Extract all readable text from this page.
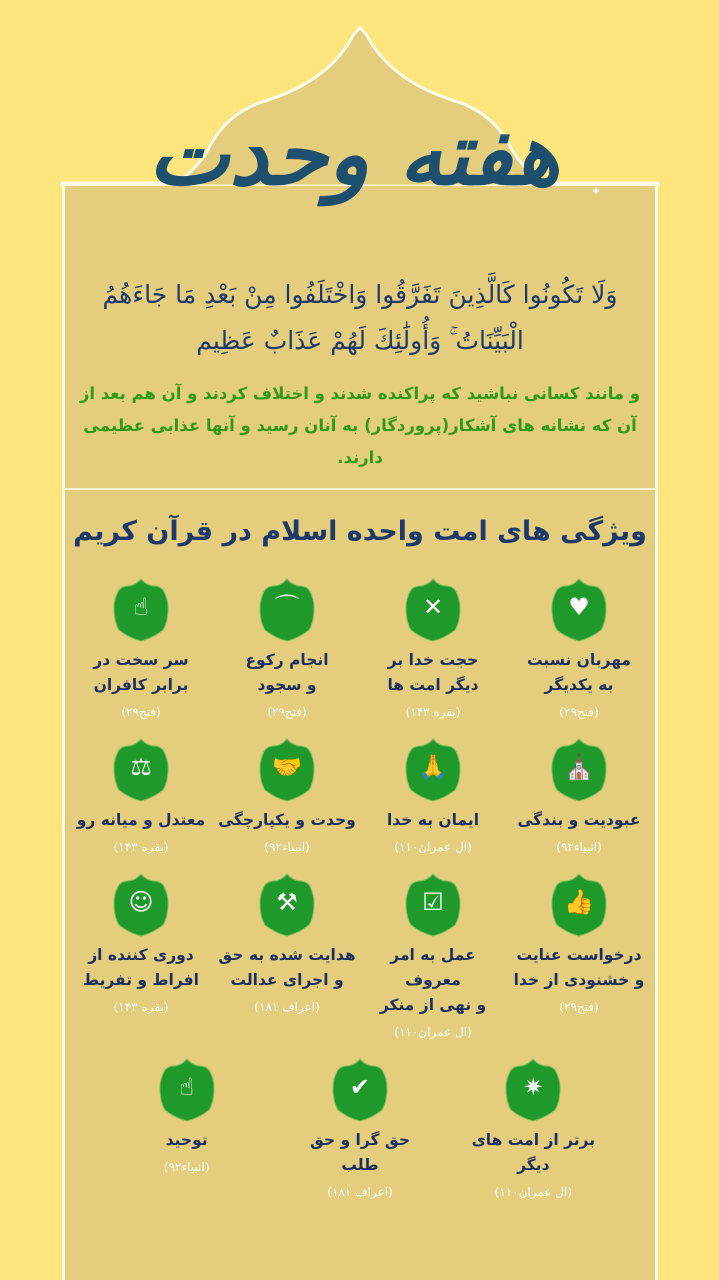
هفته وحدت	◈
وَلَا تَكُونُوا كَالَّذِينَ تَفَرَّقُوا وَاخْتَلَفُوا مِنْ بَعْدِ مَا جَاءَهُمُ
الْبَيِّنَاتُ ۚ وَأُولَٰئِكَ لَهُمْ عَذَابٌ عَظِيم
و مانند کسانی نباشید که پراکنده شدند و اختلاف کردند و آن هم بعد از
آن که نشانه های آشکار(پروردگار) به آنان رسید و آنها عذابی عظیمی دارند.
ویژگی های امت واحده اسلام در قرآن کریم
♥
مهربان نسبت
به یکدیگر
(فتح۲۹)
✕
حجت خدا بر
دیگر امت ها
(بقره ۱۴۳)
⌒
انجام رکوع
و سجود
(فتح۲۹)
☝
سر سخت در
برابر کافران
(فتح۲۹)
⛪
عبودیت و بندگی
(انبیاء۹۲)
🙏
ایمان به خدا
(ال عمران۱۱۰)
🤝
وحدت و یکپارچگی
(انبیاء۹۲)
⚖
معتدل و میانه رو
(بقره ۱۴۳)
👍
درخواست عنایت
و خشنودی از خدا
(فتح۲۹)
☑
عمل به امر معروف
و نهی از منکر
(ال عمران۱۱۰)
⚒
هدایت شده به حق
و اجرای عدالت
(اعراف ۱۸۱)
☺
دوری کننده از
افراط و تفریط
(بقره ۱۴۳)
✷
برتر از امت های دیگر
(ال عمران۱۱۰)
✔
حق گرا و حق طلب
(اعراف ۱۸۱)
☝
توحید
(انبیاء۹۲)
